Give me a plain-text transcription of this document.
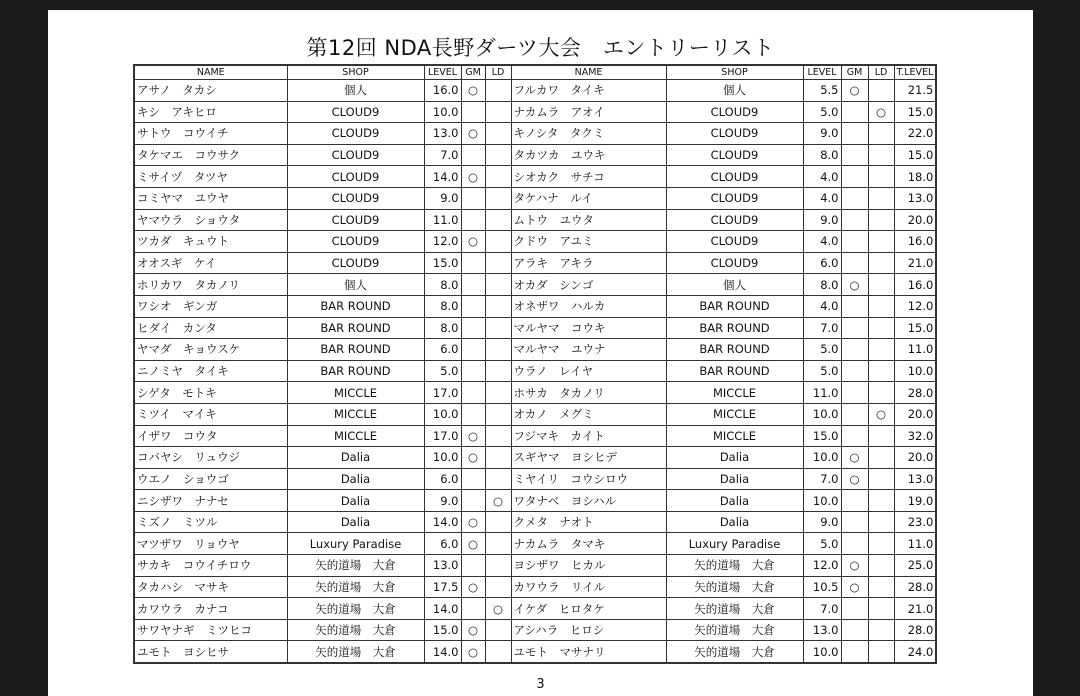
第12回 NDA長野ダーツ大会　エントリーリスト
NAME	SHOP	LEVEL	GM	LD	NAME	SHOP	LEVEL	GM	LD	T.LEVEL
アサノ　タカシ	個人	16.0	○		フルカワ　タイキ	個人	5.5	○		21.5
キシ　アキヒロ	CLOUD9	10.0			ナカムラ　アオイ	CLOUD9	5.0		○	15.0
サトウ　コウイチ	CLOUD9	13.0	○		キノシタ　タクミ	CLOUD9	9.0			22.0
タケマエ　コウサク	CLOUD9	7.0			タカツカ　ユウキ	CLOUD9	8.0			15.0
ミサイヅ　タツヤ	CLOUD9	14.0	○		シオカク　サチコ	CLOUD9	4.0			18.0
コミヤマ　ユウヤ	CLOUD9	9.0			タケハナ　ルイ	CLOUD9	4.0			13.0
ヤマウラ　ショウタ	CLOUD9	11.0			ムトウ　ユウタ	CLOUD9	9.0			20.0
ツカダ　キュウト	CLOUD9	12.0	○		クドウ　アユミ	CLOUD9	4.0			16.0
オオスギ　ケイ	CLOUD9	15.0			アラキ　アキラ	CLOUD9	6.0			21.0
ホリカワ　タカノリ	個人	8.0			オカダ　シンゴ	個人	8.0	○		16.0
ワシオ　ギンガ	BAR ROUND	8.0			オネザワ　ハルカ	BAR ROUND	4.0			12.0
ヒダイ　カンタ	BAR ROUND	8.0			マルヤマ　コウキ	BAR ROUND	7.0			15.0
ヤマダ　キョウスケ	BAR ROUND	6.0			マルヤマ　ユウナ	BAR ROUND	5.0			11.0
ニノミヤ　タイキ	BAR ROUND	5.0			ウラノ　レイヤ	BAR ROUND	5.0			10.0
シゲタ　モトキ	MICCLE	17.0			ホサカ　タカノリ	MICCLE	11.0			28.0
ミツイ　マイキ	MICCLE	10.0			オカノ　メグミ	MICCLE	10.0		○	20.0
イザワ　コウタ	MICCLE	17.0	○		フジマキ　カイト	MICCLE	15.0			32.0
コバヤシ　リュウジ	Dalia	10.0	○		スギヤマ　ヨシヒデ	Dalia	10.0	○		20.0
ウエノ　ショウゴ	Dalia	6.0			ミヤイリ　コウシロウ	Dalia	7.0	○		13.0
ニシザワ　ナナセ	Dalia	9.0		○	ワタナベ　ヨシハル	Dalia	10.0			19.0
ミズノ　ミツル	Dalia	14.0	○		クメタ　ナオト	Dalia	9.0			23.0
マツザワ　リョウヤ	Luxury Paradise	6.0	○		ナカムラ　タマキ	Luxury Paradise	5.0			11.0
サカキ　コウイチロウ	矢的道場　大倉	13.0			ヨシザワ　ヒカル	矢的道場　大倉	12.0	○		25.0
タカハシ　マサキ	矢的道場　大倉	17.5	○		カワウラ　リイル	矢的道場　大倉	10.5	○		28.0
カワウラ　カナコ	矢的道場　大倉	14.0		○	イケダ　ヒロタケ	矢的道場　大倉	7.0			21.0
サワヤナギ　ミツヒコ	矢的道場　大倉	15.0	○		アシハラ　ヒロシ	矢的道場　大倉	13.0			28.0
ユモト　ヨシヒサ	矢的道場　大倉	14.0	○		ユモト　マサナリ	矢的道場　大倉	10.0			24.0
3
